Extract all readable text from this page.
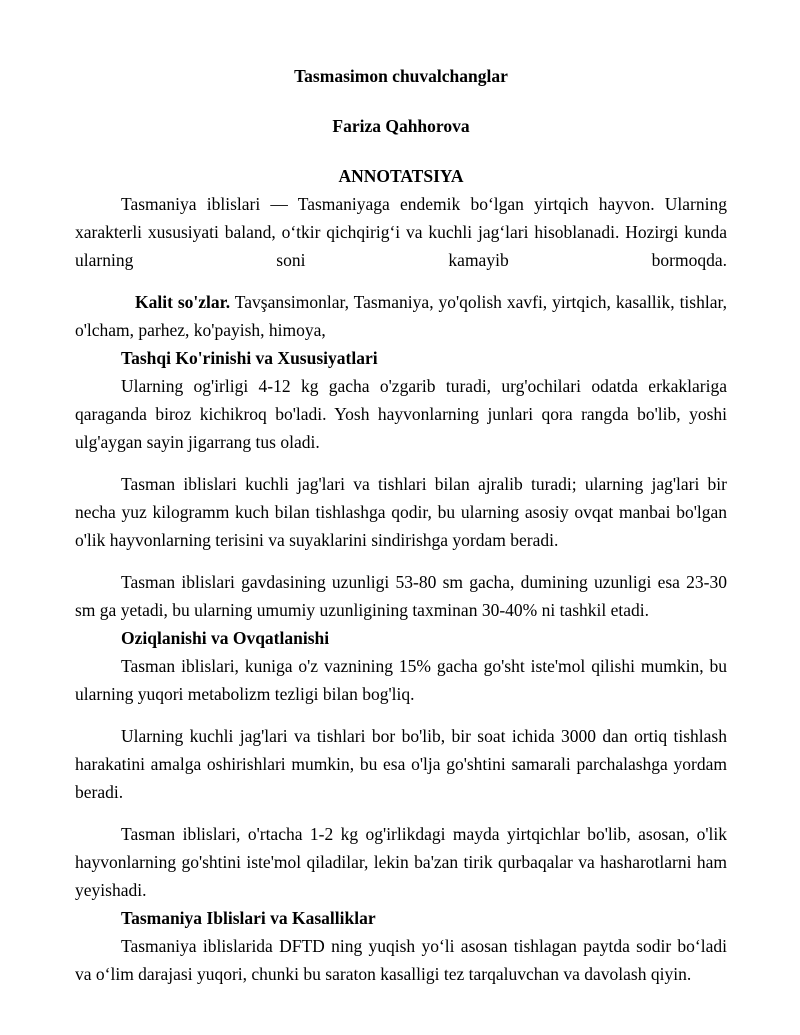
Tasmasimon chuvalchanglar

Fariza Qahhorova

ANNOTATSIYA

Tasmaniya iblislari — Tasmaniyaga endemik bo‘lgan yirtqich hayvon. Ularning xarakterli xususiyati baland, o‘tkir qichqirig‘i va kuchli jag‘lari hisoblanadi. Hozirgi kunda ularning soni kamayib bormoqda.

Kalit so'zlar. Tavşansimonlar, Tasmaniya, yo'qolish xavfi, yirtqich, kasallik, tishlar, o'lcham, parhez, ko'payish, himoya,

Tashqi Ko'rinishi va Xususiyatlari

Ularning og'irligi 4-12 kg gacha o'zgarib turadi, urg'ochilari odatda erkaklariga qaraganda biroz kichikroq bo'ladi. Yosh hayvonlarning junlari qora rangda bo'lib, yoshi ulg'aygan sayin jigarrang tus oladi.

Tasman iblislari kuchli jag'lari va tishlari bilan ajralib turadi; ularning jag'lari bir necha yuz kilogramm kuch bilan tishlashga qodir, bu ularning asosiy ovqat manbai bo'lgan o'lik hayvonlarning terisini va suyaklarini sindirishga yordam beradi.

Tasman iblislari gavdasining uzunligi 53-80 sm gacha, dumining uzunligi esa 23-30 sm ga yetadi, bu ularning umumiy uzunligining taxminan 30-40% ni tashkil etadi.

Oziqlanishi va Ovqatlanishi

Tasman iblislari, kuniga o'z vaznining 15% gacha go'sht iste'mol qilishi mumkin, bu ularning yuqori metabolizm tezligi bilan bog'liq.

Ularning kuchli jag'lari va tishlari bor bo'lib, bir soat ichida 3000 dan ortiq tishlash harakatini amalga oshirishlari mumkin, bu esa o'lja go'shtini samarali parchalashga yordam beradi.

Tasman iblislari, o'rtacha 1-2 kg og'irlikdagi mayda yirtqichlar bo'lib, asosan, o'lik hayvonlarning go'shtini iste'mol qiladilar, lekin ba'zan tirik qurbaqalar va hasharotlarni ham yeyishadi.

Tasmaniya Iblislari va Kasalliklar

Tasmaniya iblislarida DFTD ning yuqish yo‘li asosan tishlagan paytda sodir bo‘ladi va o‘lim darajasi yuqori, chunki bu saraton kasalligi tez tarqaluvchan va davolash qiyin.
